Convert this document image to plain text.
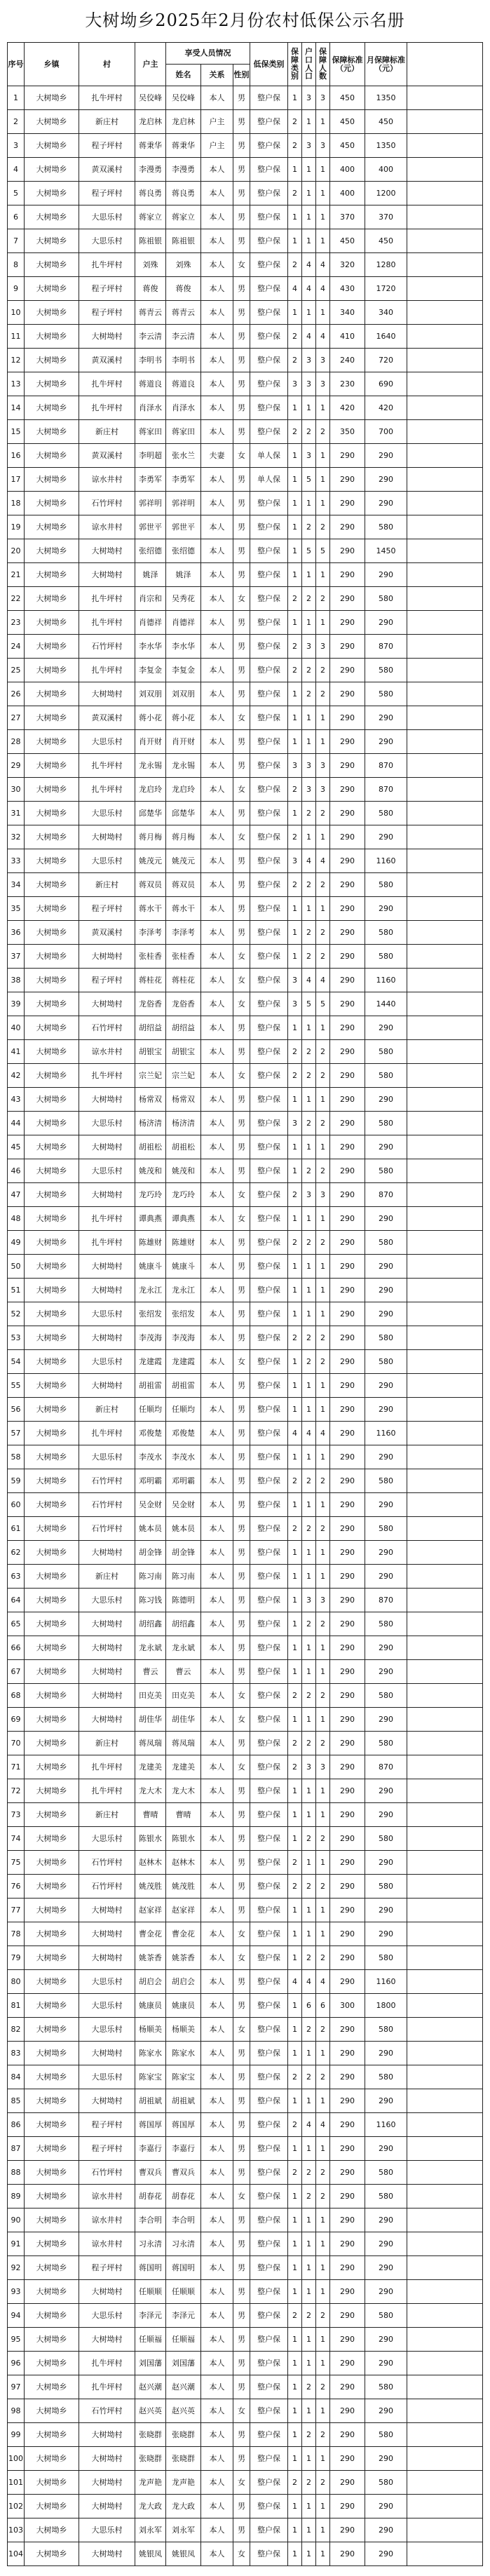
大树坳乡2025年2月份农村低保公示名册
序号	乡镇	村	户主	享受人员情况			低保类别	保障类别	户口人口	保障人数	保障标准（元）	月保障标准（元）	
				姓名	关系	性别							
1	大树坳乡	扎牛坪村	吴佼峰	吴佼峰	本人	男	整户保	1	3	3	450	1350	
2	大树坳乡	新庄村	龙启林	龙启林	户主	男	整户保	2	1	1	450	450	
3	大树坳乡	程子坪村	蒋秉华	蒋秉华	户主	男	整户保	2	3	3	450	1350	
4	大树坳乡	黄双溪村	李漫勇	李漫勇	本人	男	整户保	1	1	1	400	400	
5	大树坳乡	程子坪村	蒋良勇	蒋良勇	本人	男	整户保	2	1	1	400	1200	
6	大树坳乡	大思乐村	蒋家立	蒋家立	本人	男	整户保	1	1	1	370	370	
7	大树坳乡	大思乐村	陈祖银	陈祖银	本人	男	整户保	1	1	1	450	450	
8	大树坳乡	扎牛坪村	刘殊	刘殊	本人	女	整户保	2	4	4	320	1280	
9	大树坳乡	程子坪村	蒋俊	蒋俊	本人	男	整户保	4	4	4	430	1720	
10	大树坳乡	程子坪村	蒋青云	蒋青云	本人	男	整户保	1	1	1	340	340	
11	大树坳乡	大树坳村	李云清	李云清	本人	男	整户保	2	4	4	410	1640	
12	大树坳乡	黄双溪村	李明书	李明书	本人	男	整户保	2	3	3	240	720	
13	大树坳乡	扎牛坪村	蒋道良	蒋道良	本人	男	整户保	3	3	3	230	690	
14	大树坳乡	扎牛坪村	肖泽水	肖泽水	本人	男	整户保	1	1	1	420	420	
15	大树坳乡	新庄村	蒋家田	蒋家田	本人	男	整户保	2	2	2	350	700	
16	大树坳乡	黄双溪村	李明超	张水兰	夫妻	女	单人保	1	3	1	290	290	
17	大树坳乡	谅水井村	李勇军	李勇军	本人	男	单人保	1	5	1	290	290	
18	大树坳乡	石竹坪村	郭祥明	郭祥明	本人	男	整户保	1	1	1	290	290	
19	大树坳乡	谅水井村	郭世平	郭世平	本人	男	整户保	1	2	2	290	580	
20	大树坳乡	大树坳村	张绍德	张绍德	本人	男	整户保	1	5	5	290	1450	
21	大树坳乡	大树坳村	姚泽	姚泽	本人	男	整户保	1	1	1	290	290	
22	大树坳乡	扎牛坪村	肖宗和	吴秀花	本人	女	整户保	2	2	2	290	580	
23	大树坳乡	扎牛坪村	肖德祥	肖德祥	本人	男	整户保	1	1	1	290	290	
24	大树坳乡	石竹坪村	李水华	李水华	本人	男	整户保	2	3	3	290	870	
25	大树坳乡	扎牛坪村	李复金	李复金	本人	男	整户保	2	2	2	290	580	
26	大树坳乡	大树坳村	刘双朋	刘双朋	本人	男	整户保	1	2	2	290	580	
27	大树坳乡	黄双溪村	蒋小花	蒋小花	本人	女	整户保	1	1	1	290	290	
28	大树坳乡	大思乐村	肖开财	肖开财	本人	男	整户保	1	1	1	290	290	
29	大树坳乡	扎牛坪村	龙永锡	龙永锡	本人	男	整户保	3	3	3	290	870	
30	大树坳乡	扎牛坪村	龙启玲	龙启玲	本人	女	整户保	2	3	3	290	870	
31	大树坳乡	大思乐村	邱楚华	邱楚华	本人	男	整户保	1	2	2	290	580	
32	大树坳乡	大树坳村	蒋月梅	蒋月梅	本人	女	整户保	2	1	1	290	290	
33	大树坳乡	大思乐村	姚茂元	姚茂元	本人	男	整户保	3	4	4	290	1160	
34	大树坳乡	新庄村	蒋双员	蒋双员	本人	男	整户保	2	2	2	290	580	
35	大树坳乡	程子坪村	蒋水干	蒋水干	本人	男	整户保	1	1	1	290	290	
36	大树坳乡	黄双溪村	李泽考	李泽考	本人	男	整户保	1	2	2	290	580	
37	大树坳乡	大树坳村	张桂香	张桂香	本人	女	整户保	1	2	2	290	580	
38	大树坳乡	程子坪村	蒋桂花	蒋桂花	本人	女	整户保	3	4	4	290	1160	
39	大树坳乡	大树坳村	龙俗香	龙俗香	本人	女	整户保	3	5	5	290	1440	
40	大树坳乡	石竹坪村	胡绍益	胡绍益	本人	男	整户保	1	1	1	290	290	
41	大树坳乡	谅水井村	胡银宝	胡银宝	本人	男	整户保	2	2	2	290	580	
42	大树坳乡	扎牛坪村	宗兰妃	宗兰妃	本人	女	整户保	2	2	2	290	580	
43	大树坳乡	大树坳村	杨常双	杨常双	本人	男	整户保	1	1	1	290	290	
44	大树坳乡	大思乐村	杨济清	杨济清	本人	男	整户保	3	2	2	290	580	
45	大树坳乡	大树坳村	胡祖松	胡祖松	本人	男	整户保	1	1	1	290	290	
46	大树坳乡	大思乐村	姚茂和	姚茂和	本人	男	整户保	1	2	2	290	580	
47	大树坳乡	大树坳村	龙巧玲	龙巧玲	本人	女	整户保	2	3	3	290	870	
48	大树坳乡	扎牛坪村	谭典燕	谭典燕	本人	女	整户保	1	1	1	290	290	
49	大树坳乡	扎牛坪村	陈雄财	陈雄财	本人	男	整户保	2	2	2	290	580	
50	大树坳乡	大树坳村	姚康斗	姚康斗	本人	男	整户保	1	1	1	290	290	
51	大树坳乡	大树坳村	龙永江	龙永江	本人	男	整户保	1	1	1	290	290	
52	大树坳乡	大思乐村	张绍发	张绍发	本人	男	整户保	1	1	1	290	290	
53	大树坳乡	大树坳村	李茂海	李茂海	本人	男	整户保	2	2	2	290	580	
54	大树坳乡	大思乐村	龙建霞	龙建霞	本人	女	整户保	1	2	2	290	580	
55	大树坳乡	大树坳村	胡祖雷	胡祖雷	本人	男	整户保	1	1	1	290	290	
56	大树坳乡	新庄村	任顺均	任顺均	本人	男	整户保	1	1	1	290	290	
57	大树坳乡	扎牛坪村	邓俊楚	邓俊楚	本人	男	整户保	4	4	4	290	1160	
58	大树坳乡	大思乐村	李茂水	李茂水	本人	男	整户保	1	1	1	290	290	
59	大树坳乡	石竹坪村	邓明霸	邓明霸	本人	男	整户保	2	2	2	290	580	
60	大树坳乡	石竹坪村	吴金财	吴金财	本人	男	整户保	1	1	1	290	290	
61	大树坳乡	石竹坪村	姚本员	姚本员	本人	男	整户保	2	2	2	290	580	
62	大树坳乡	大树坳村	胡金锋	胡金锋	本人	男	整户保	1	1	1	290	290	
63	大树坳乡	新庄村	陈习南	陈习南	本人	男	整户保	1	1	1	290	290	
64	大树坳乡	大思乐村	陈习钱	陈德明	本人	男	整户保	1	3	3	290	870	
65	大树坳乡	大树坳村	胡绍鑫	胡绍鑫	本人	男	整户保	1	2	2	290	580	
66	大树坳乡	大树坳村	龙永斌	龙永斌	本人	男	整户保	1	1	1	290	290	
67	大树坳乡	大树坳村	曹云	曹云	本人	男	整户保	1	1	1	290	290	
68	大树坳乡	大树坳村	田克美	田克美	本人	女	整户保	2	2	2	290	580	
69	大树坳乡	大树坳村	胡佳华	胡佳华	本人	女	整户保	1	1	1	290	290	
70	大树坳乡	新庄村	蒋凤瑞	蒋凤瑞	本人	男	整户保	2	2	2	290	580	
71	大树坳乡	扎牛坪村	龙建美	龙建美	本人	女	整户保	2	3	3	290	870	
72	大树坳乡	扎牛坪村	龙大木	龙大木	本人	男	整户保	1	1	1	290	290	
73	大树坳乡	新庄村	曹晴	曹晴	本人	男	整户保	1	1	1	290	290	
74	大树坳乡	大思乐村	陈银水	陈银水	本人	男	整户保	1	2	2	290	580	
75	大树坳乡	石竹坪村	赵林木	赵林木	本人	男	整户保	2	1	1	290	290	
76	大树坳乡	石竹坪村	姚茂胜	姚茂胜	本人	男	整户保	2	2	2	290	580	
77	大树坳乡	大树坳村	赵家祥	赵家祥	本人	男	整户保	1	1	1	290	290	
78	大树坳乡	大树坳村	曹金花	曹金花	本人	女	整户保	1	1	1	290	290	
79	大树坳乡	大树坳村	姚茶香	姚茶香	本人	女	整户保	1	2	2	290	580	
80	大树坳乡	大思乐村	胡启会	胡启会	本人	男	整户保	4	4	4	290	1160	
81	大树坳乡	大思乐村	姚康员	姚康员	本人	男	整户保	1	6	6	300	1800	
82	大树坳乡	大思乐村	杨顺美	杨顺美	本人	女	整户保	1	2	2	290	580	
83	大树坳乡	大树坳村	陈家水	陈家水	本人	男	整户保	1	1	1	290	290	
84	大树坳乡	大思乐村	陈家宝	陈家宝	本人	男	整户保	2	2	2	290	580	
85	大树坳乡	大树坳村	胡祖斌	胡祖斌	本人	男	整户保	1	1	1	290	290	
86	大树坳乡	程子坪村	蒋国厚	蒋国厚	本人	男	整户保	2	4	4	290	1160	
87	大树坳乡	程子坪村	李嘉行	李嘉行	本人	男	整户保	1	1	1	290	290	
88	大树坳乡	石竹坪村	曹双兵	曹双兵	本人	男	整户保	2	2	2	290	580	
89	大树坳乡	谅水井村	胡春花	胡春花	本人	女	整户保	1	2	2	290	580	
90	大树坳乡	谅水井村	李合明	李合明	本人	男	整户保	1	1	1	290	290	
91	大树坳乡	谅水井村	习永清	习永清	本人	男	整户保	1	1	1	290	290	
92	大树坳乡	程子坪村	蒋国明	蒋国明	本人	男	整户保	1	1	1	290	290	
93	大树坳乡	大树坳村	任顺顺	任顺顺	本人	男	整户保	1	1	1	290	290	
94	大树坳乡	大思乐村	李泽元	李泽元	本人	男	整户保	2	2	2	290	580	
95	大树坳乡	大树坳村	任顺福	任顺福	本人	男	整户保	1	1	1	290	290	
96	大树坳乡	扎牛坪村	刘国藩	刘国藩	本人	男	整户保	1	1	1	290	290	
97	大树坳乡	扎牛坪村	赵兴潮	赵兴潮	本人	男	整户保	1	2	2	290	580	
98	大树坳乡	石竹坪村	赵兴英	赵兴英	本人	女	整户保	1	1	1	290	290	
99	大树坳乡	大树坳村	张晓群	张晓群	本人	男	整户保	1	2	2	290	580	
100	大树坳乡	大树坳村	张晓群	张晓群	本人	男	整户保	1	1	1	290	290	
101	大树坳乡	大树坳村	龙声艳	龙声艳	本人	女	整户保	2	2	2	290	580	
102	大树坳乡	大树坳村	龙大政	龙大政	本人	男	整户保	1	1	1	290	290	
103	大树坳乡	大思乐村	刘永军	刘永军	本人	男	整户保	1	1	1	290	290	
104	大树坳乡	大树坳村	姚银凤	姚银凤	本人	女	整户保	1	1	1	290	290	
